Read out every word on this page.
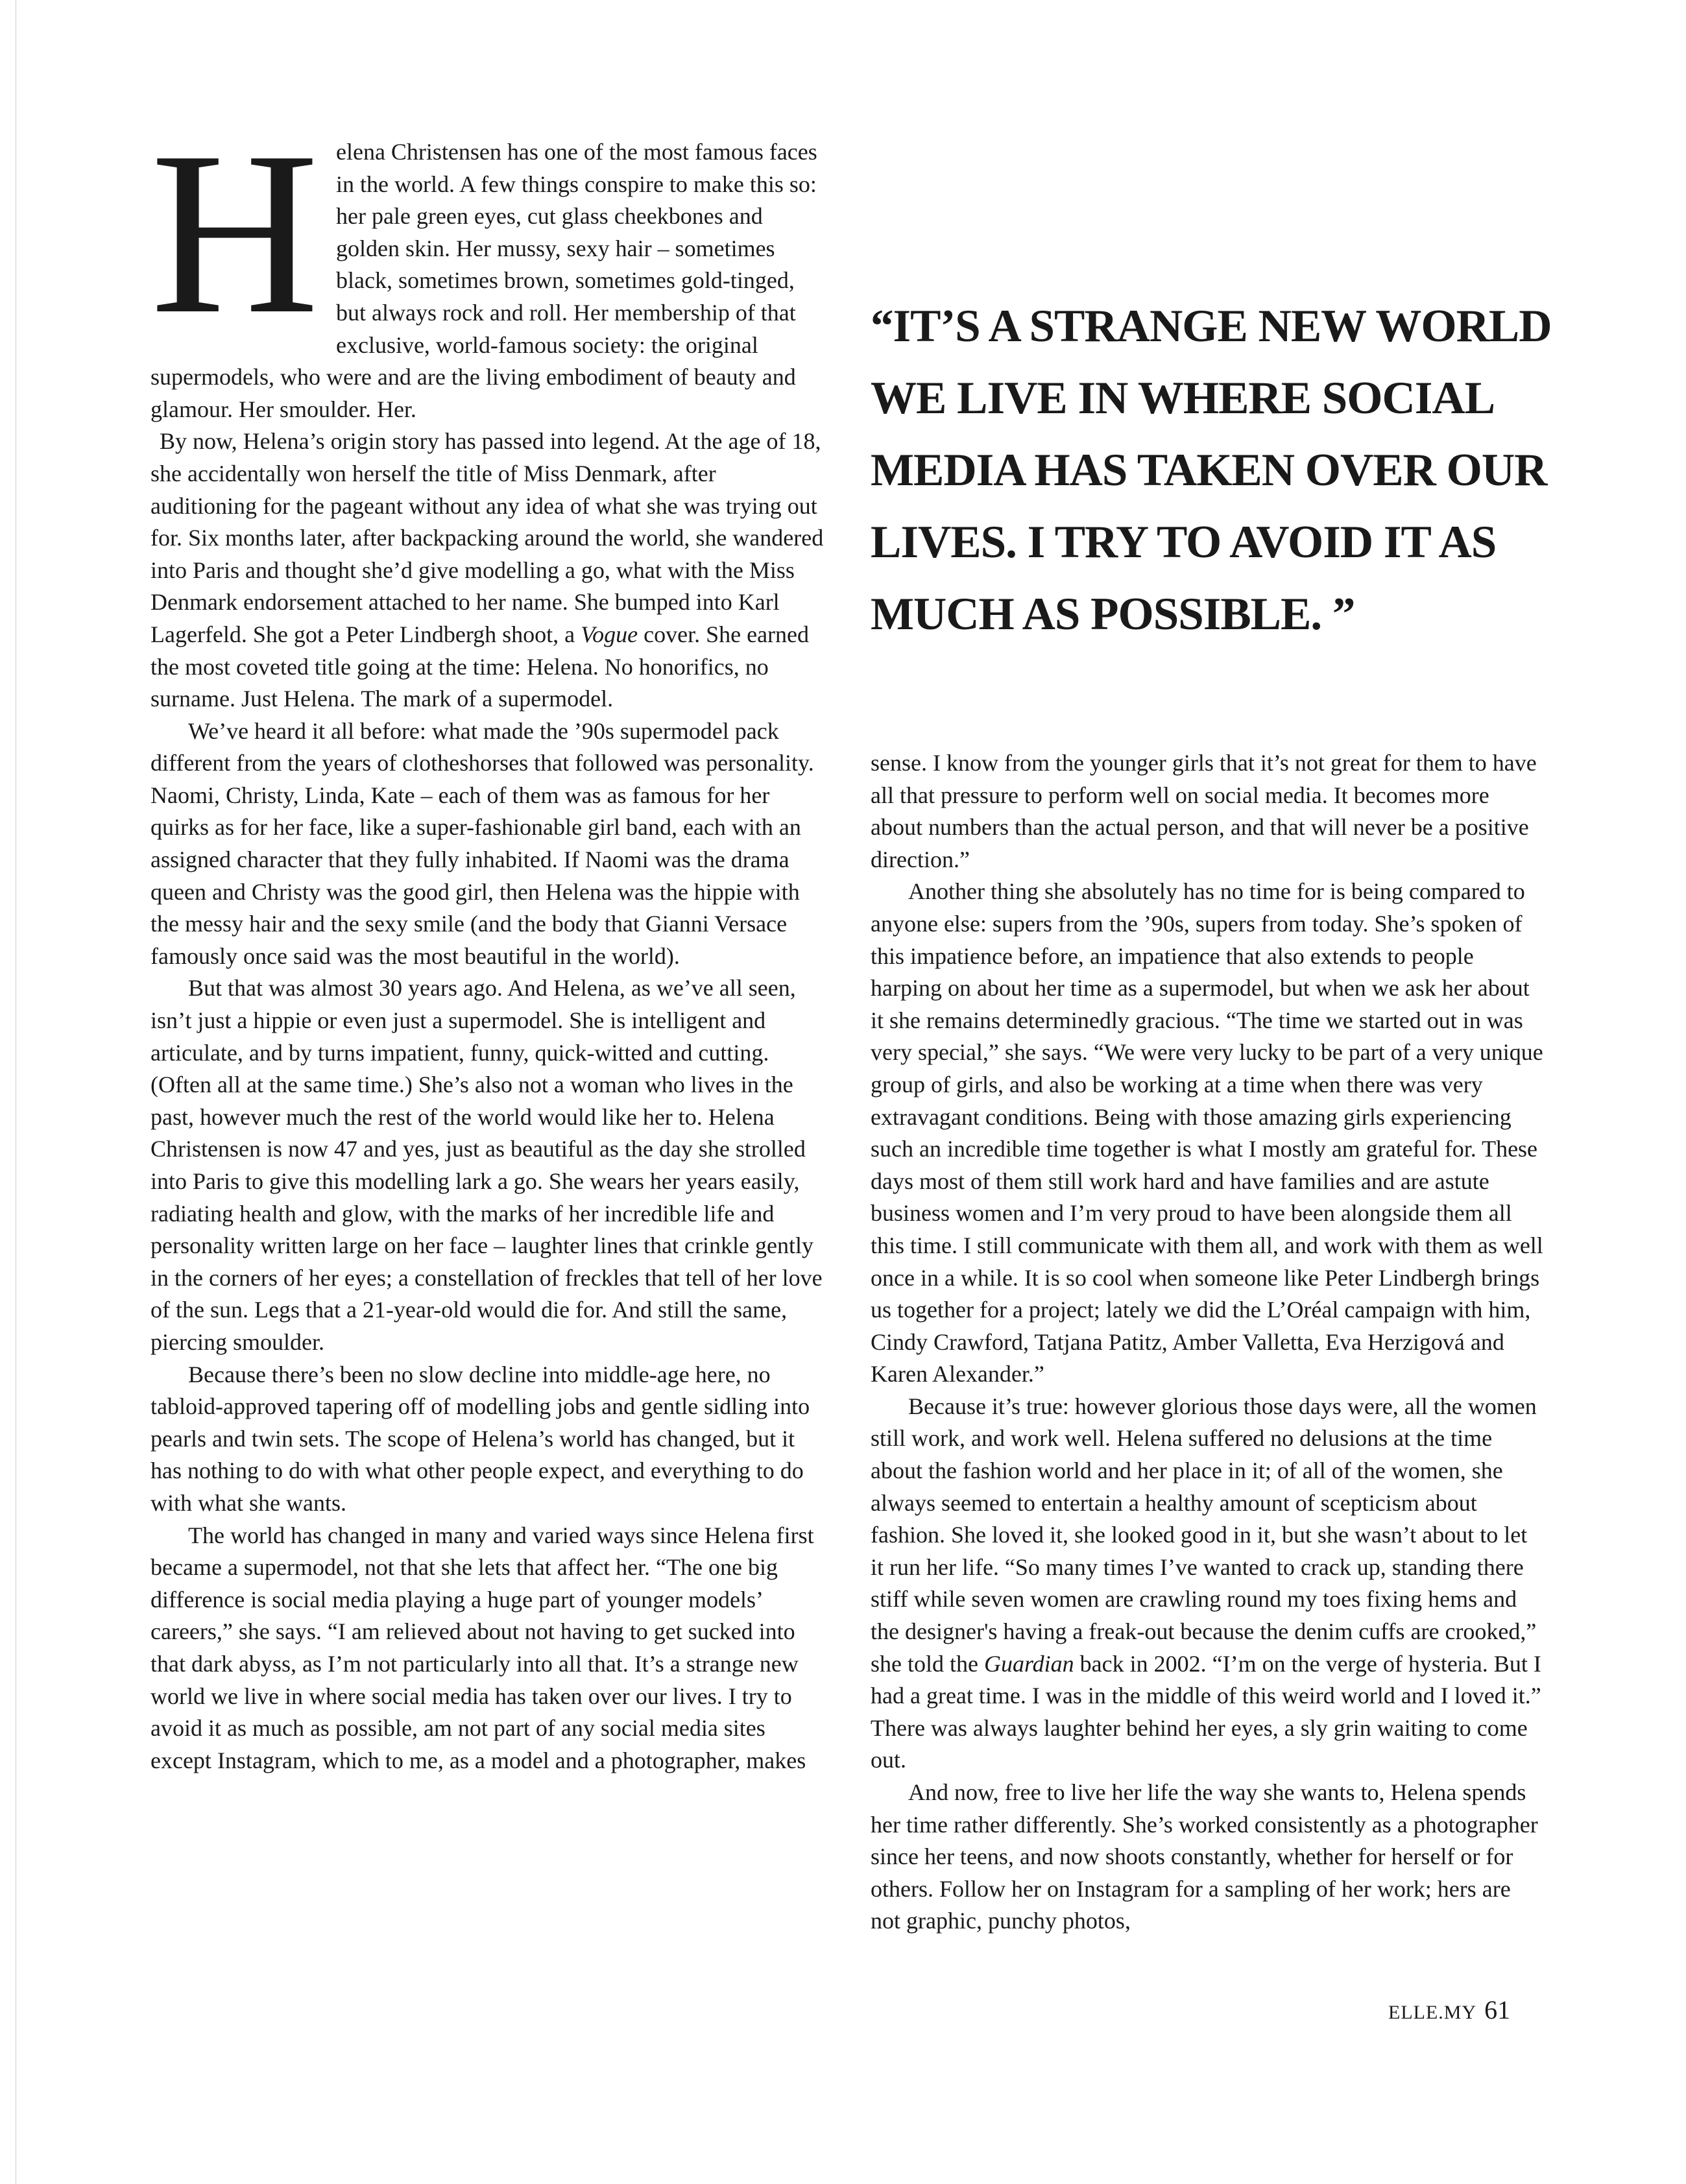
H elena Christensen has one of the most famous faces in the world. A few things conspire to make this so: her pale green eyes, cut glass cheekbones and golden skin. Her mussy, sexy hair – sometimes black, sometimes brown, sometimes gold-tinged, but always rock and roll. Her membership of that exclusive, world-famous society: the original supermodels, who were and are the living embodiment of beauty and glamour. Her smoulder. Her.

By now, Helena’s origin story has passed into legend. At the age of 18, she accidentally won herself the title of Miss Denmark, after auditioning for the pageant without any idea of what she was trying out for. Six months later, after backpacking around the world, she wandered into Paris and thought she’d give modelling a go, what with the Miss Denmark endorsement attached to her name. She bumped into Karl Lagerfeld. She got a Peter Lindbergh shoot, a Vogue cover. She earned the most coveted title going at the time: Helena. No honorifics, no surname. Just Helena. The mark of a supermodel.

We’ve heard it all before: what made the ’90s supermodel pack different from the years of clotheshorses that followed was personality. Naomi, Christy, Linda, Kate – each of them was as famous for her quirks as for her face, like a super-fashionable girl band, each with an assigned character that they fully inhabited. If Naomi was the drama queen and Christy was the good girl, then Helena was the hippie with the messy hair and the sexy smile (and the body that Gianni Versace famously once said was the most beautiful in the world).

But that was almost 30 years ago. And Helena, as we’ve all seen, isn’t just a hippie or even just a supermodel. She is intelligent and articulate, and by turns impatient, funny, quick-witted and cutting. (Often all at the same time.) She’s also not a woman who lives in the past, however much the rest of the world would like her to. Helena Christensen is now 47 and yes, just as beautiful as the day she strolled into Paris to give this modelling lark a go. She wears her years easily, radiating health and glow, with the marks of her incredible life and personality written large on her face – laughter lines that crinkle gently in the corners of her eyes; a constellation of freckles that tell of her love of the sun. Legs that a 21-year-old would die for. And still the same, piercing smoulder.

Because there’s been no slow decline into middle-age here, no tabloid-approved tapering off of modelling jobs and gentle sidling into pearls and twin sets. The scope of Helena’s world has changed, but it has nothing to do with what other people expect, and everything to do with what she wants.

The world has changed in many and varied ways since Helena first became a supermodel, not that she lets that affect her. “The one big difference is social media playing a huge part of younger models’ careers,” she says. “I am relieved about not having to get sucked into that dark abyss, as I’m not particularly into all that. It’s a strange new world we live in where social media has taken over our lives. I try to avoid it as much as possible, am not part of any social media sites except Instagram, which to me, as a model and a photographer, makes

“IT’S A STRANGE NEW WORLD WE LIVE IN WHERE SOCIAL MEDIA HAS TAKEN OVER OUR LIVES. I TRY TO AVOID IT AS MUCH AS POSSIBLE. ”

sense. I know from the younger girls that it’s not great for them to have all that pressure to perform well on social media. It becomes more about numbers than the actual person, and that will never be a positive direction.”

Another thing she absolutely has no time for is being compared to anyone else: supers from the ’90s, supers from today. She’s spoken of this impatience before, an impatience that also extends to people harping on about her time as a supermodel, but when we ask her about it she remains determinedly gracious. “The time we started out in was very special,” she says. “We were very lucky to be part of a very unique group of girls, and also be working at a time when there was very extravagant conditions. Being with those amazing girls experiencing such an incredible time together is what I mostly am grateful for. These days most of them still work hard and have families and are astute business women and I’m very proud to have been alongside them all this time. I still communicate with them all, and work with them as well once in a while. It is so cool when someone like Peter Lindbergh brings us together for a project; lately we did the L’Oréal campaign with him, Cindy Crawford, Tatjana Patitz, Amber Valletta, Eva Herzigová and Karen Alexander.”

Because it’s true: however glorious those days were, all the women still work, and work well. Helena suffered no delusions at the time about the fashion world and her place in it; of all of the women, she always seemed to entertain a healthy amount of scepticism about fashion. She loved it, she looked good in it, but she wasn’t about to let it run her life. “So many times I’ve wanted to crack up, standing there stiff while seven women are crawling round my toes fixing hems and the designer's having a freak-out because the denim cuffs are crooked,” she told the Guardian back in 2002. “I’m on the verge of hysteria. But I had a great time. I was in the middle of this weird world and I loved it.” There was always laughter behind her eyes, a sly grin waiting to come out.

And now, free to live her life the way she wants to, Helena spends her time rather differently. She’s worked consistently as a photographer since her teens, and now shoots constantly, whether for herself or for others. Follow her on Instagram for a sampling of her work; hers are not graphic, punchy photos,

ELLE.MY 61
